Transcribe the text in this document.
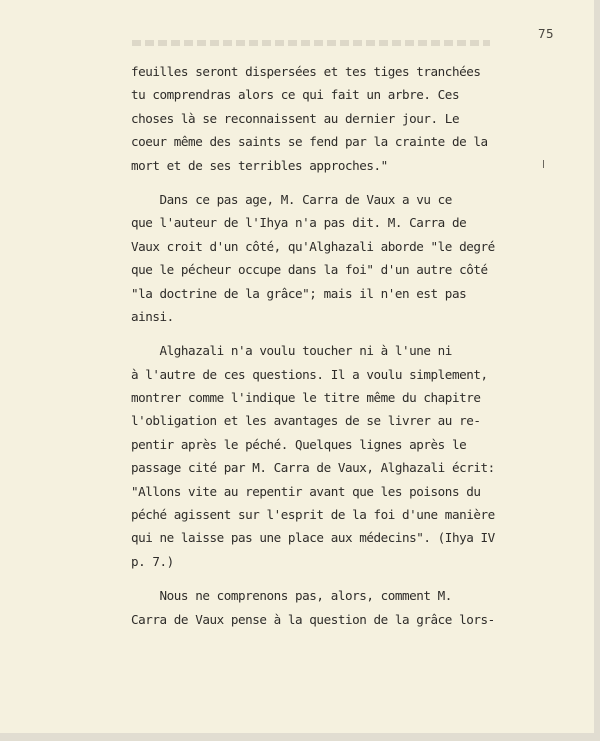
75
feuilles seront dispersées et tes tiges tranchées
tu comprendras alors ce qui fait un arbre. Ces
choses là se reconnaissent au dernier jour. Le
coeur même des saints se fend par la crainte de la
mort et de ses terribles approches."
Dans ce pas age, M. Carra de Vaux a vu ce
que l'auteur de l'Ihya n'a pas dit. M. Carra de
Vaux croit d'un côté, qu'Alghazali aborde "le degré
que le pécheur occupe dans la foi" d'un autre côté
"la doctrine de la grâce"; mais il n'en est pas
ainsi.
Alghazali n'a voulu toucher ni à l'une ni
à l'autre de ces questions. Il a voulu simplement,
montrer comme l'indique le titre même du chapitre
l'obligation et les avantages de se livrer au re-
pentir après le péché. Quelques lignes après le
passage cité par M. Carra de Vaux, Alghazali écrit:
"Allons vite au repentir avant que les poisons du
péché agissent sur l'esprit de la foi d'une manière
qui ne laisse pas une place aux médecins". (Ihya IV
p. 7.)
Nous ne comprenons pas, alors, comment M.
Carra de Vaux pense à la question de la grâce lors-
